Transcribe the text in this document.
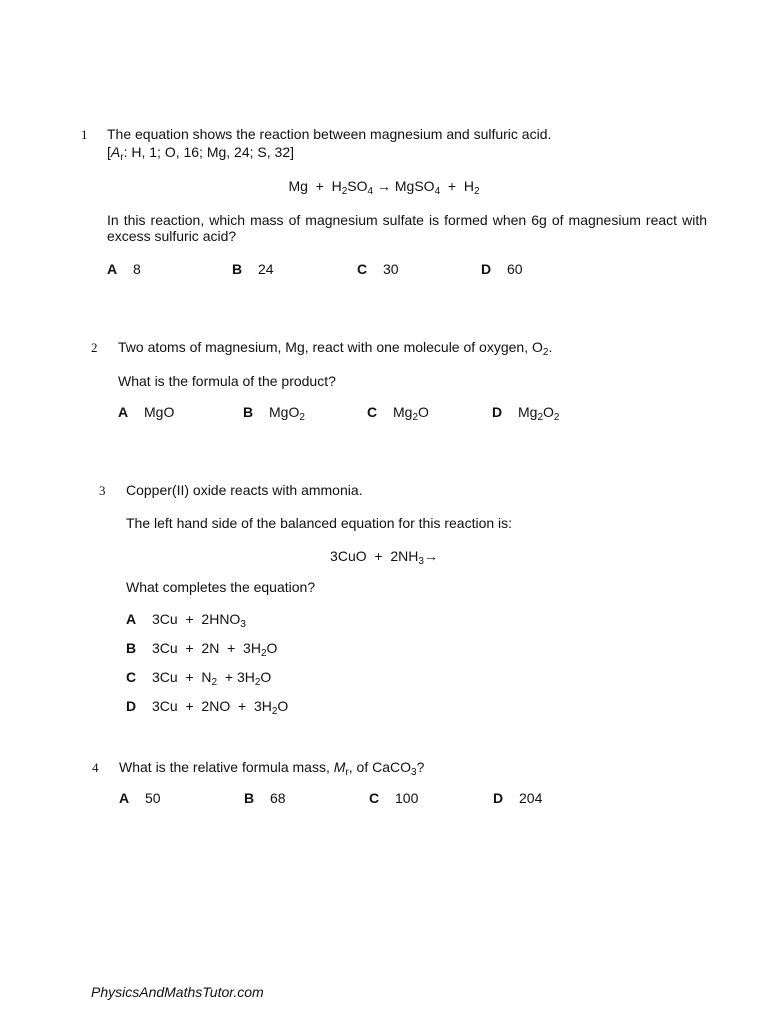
1 The equation shows the reaction between magnesium and sulfuric acid.
[$A_r$: H, 1; O, 16; Mg, 24; S, 32]
$Mg + H_2SO_4$ → MgSO$_4$  +  $H_2$
In this reaction, which mass of magnesium sulfate is formed when 6g of magnesium react with excess sulfuric acid?
A 8	B 24	C 30	D 60
2 Two atoms of magnesium, Mg, react with one molecule of oxygen, $O_2$.
What is the formula of the product?
A MgO	B MgO$_2$	C $Mg_2O$	D $Mg_2O_2$
3 Copper(II) oxide reacts with ammonia.
The left hand side of the balanced equation for this reaction is:
$3CuO + 2NH_3\to$
What completes the equation?
A $3Cu + 2HNO_3$
B $3Cu + 2N + 3H_2O$
C $3Cu + N_2 + 3H_2O$
D $3Cu + 2NO + 3H_2O$
4 What is the relative formula mass, $M_r$, of CaCO$_3$?
A 50	B 68	C 100	D 204
PhysicsAndMathsTutor.com
